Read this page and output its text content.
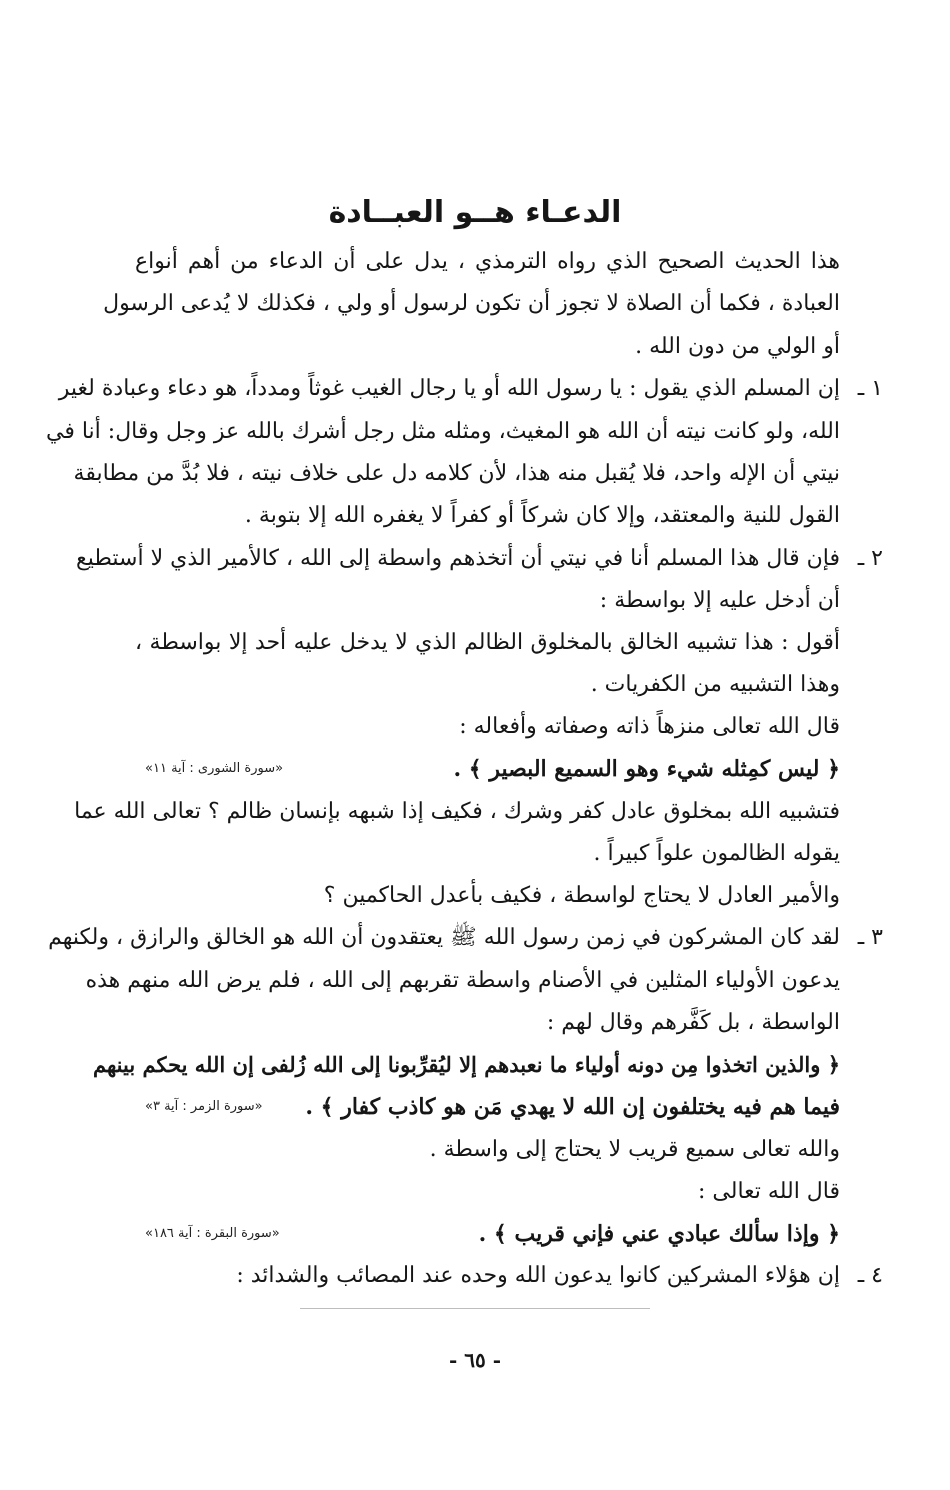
الدعـاء هــو العبــادة
هذا الحديث الصحيح الذي رواه الترمذي ، يدل على أن الدعاء من أهم أنواع
العبادة ، فكما أن الصلاة لا تجوز أن تكون لرسول أو ولي ، فكذلك لا يُدعى الرسول
أو الولي من دون الله .
١ ـ
إن المسلم الذي يقول : يا رسول الله أو يا رجال الغيب غوثاً ومدداً، هو دعاء وعبادة لغير
الله، ولو كانت نيته أن الله هو المغيث، ومثله مثل رجل أشرك بالله عز وجل وقال: أنا في
نيتي أن الإله واحد، فلا يُقبل منه هذا، لأن كلامه دل على خلاف نيته ، فلا بُدَّ من مطابقة
القول للنية والمعتقد، وإلا كان شركاً أو كفراً لا يغفره الله إلا بتوبة .
٢ ـ
فإن قال هذا المسلم أنا في نيتي أن أتخذهم واسطة إلى الله ، كالأمير الذي لا أستطيع
أن أدخل عليه إلا بواسطة :
أقول : هذا تشبيه الخالق بالمخلوق الظالم الذي لا يدخل عليه أحد إلا بواسطة ،
وهذا التشبيه من الكفريات .
قال الله تعالى منزهاً ذاته وصفاته وأفعاله :
﴿ ليس كمِثله شيء وهو السميع البصير ﴾ .
«سورة الشورى : آية ١١»
فتشبيه الله بمخلوق عادل كفر وشرك ، فكيف إذا شبهه بإنسان ظالم ؟ تعالى الله عما
يقوله الظالمون علواً كبيراً .
والأمير العادل لا يحتاج لواسطة ، فكيف بأعدل الحاكمين ؟
٣ ـ
لقد كان المشركون في زمن رسول الله ﷺ يعتقدون أن الله هو الخالق والرازق ، ولكنهم
يدعون الأولياء المثلين في الأصنام واسطة تقربهم إلى الله ، فلم يرض الله منهم هذه
الواسطة ، بل كَفَّرهم وقال لهم :
﴿ والذين اتخذوا مِن دونه أولياء ما نعبدهم إلا ليُقرِّبونا إلى الله زُلفى إن الله يحكم بينهم
فيما هم فيه يختلفون إن الله لا يهدي مَن هو كاذب كفار ﴾ .
«سورة الزمر : آية ٣»
والله تعالى سميع قريب لا يحتاج إلى واسطة .
قال الله تعالى :
﴿ وإذا سألك عبادي عني فإني قريب ﴾ .
«سورة البقرة : آية ١٨٦»
٤ ـ
إن هؤلاء المشركين كانوا يدعون الله وحده عند المصائب والشدائد :
- ٦٥ -
